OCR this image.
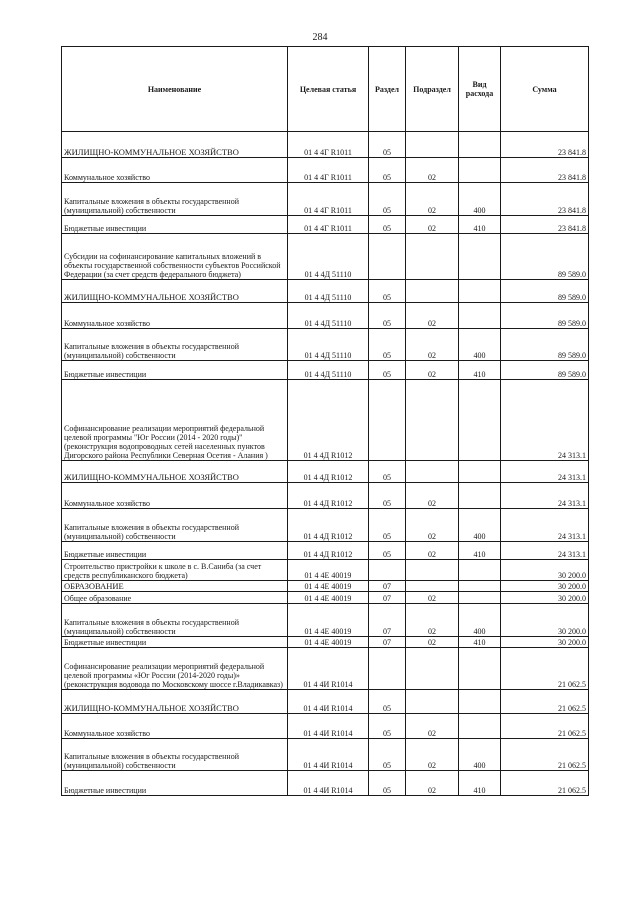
284
Наименование	Целевая статья	Раздел	Подраздел	Вид расхода	Сумма
ЖИЛИЩНО-КОММУНАЛЬНОЕ ХОЗЯЙСТВО	01 4 4Г R1011	05			23 841.8
Коммунальное хозяйство	01 4 4Г R1011	05	02		23 841.8
Капитальные вложения в объекты государственной (муниципальной) собственности	01 4 4Г R1011	05	02	400	23 841.8
Бюджетные инвестиции	01 4 4Г R1011	05	02	410	23 841.8
Субсидии на софинансирование капитальных вложений в объекты государственной собственности субъектов Российской Федерации (за счет средств федерального бюджета)	01 4 4Д 51110				89 589.0
ЖИЛИЩНО-КОММУНАЛЬНОЕ ХОЗЯЙСТВО	01 4 4Д 51110	05			89 589.0
Коммунальное хозяйство	01 4 4Д 51110	05	02		89 589.0
Капитальные вложения в объекты государственной (муниципальной) собственности	01 4 4Д 51110	05	02	400	89 589.0
Бюджетные инвестиции	01 4 4Д 51110	05	02	410	89 589.0
Софинансирование реализации мероприятий федеральной целевой программы "Юг России (2014 - 2020 годы)" (реконструкция водопроводных сетей населенных пунктов Дигорского района Республики Северная Осетия - Алания )	01 4 4Д R1012				24 313.1
ЖИЛИЩНО-КОММУНАЛЬНОЕ ХОЗЯЙСТВО	01 4 4Д R1012	05			24 313.1
Коммунальное хозяйство	01 4 4Д R1012	05	02		24 313.1
Капитальные вложения в объекты государственной (муниципальной) собственности	01 4 4Д R1012	05	02	400	24 313.1
Бюджетные инвестиции	01 4 4Д R1012	05	02	410	24 313.1
Строительство пристройки к школе в с. В.Саниба (за счет средств республиканского бюджета)	01 4 4Е 40019				30 200.0
ОБРАЗОВАНИЕ	01 4 4Е 40019	07			30 200.0
Общее образование	01 4 4Е 40019	07	02		30 200.0
Капитальные вложения в объекты государственной (муниципальной) собственности	01 4 4Е 40019	07	02	400	30 200.0
Бюджетные инвестиции	01 4 4Е 40019	07	02	410	30 200.0
Софинансирование реализации мероприятий федеральной целевой программы «Юг России (2014-2020 годы)» (реконструкция водовода по Московскому шоссе г.Владикавказ)	01 4 4И R1014				21 062.5
ЖИЛИЩНО-КОММУНАЛЬНОЕ ХОЗЯЙСТВО	01 4 4И R1014	05			21 062.5
Коммунальное хозяйство	01 4 4И R1014	05	02		21 062.5
Капитальные вложения в объекты государственной (муниципальной) собственности	01 4 4И R1014	05	02	400	21 062.5
Бюджетные инвестиции	01 4 4И R1014	05	02	410	21 062.5
